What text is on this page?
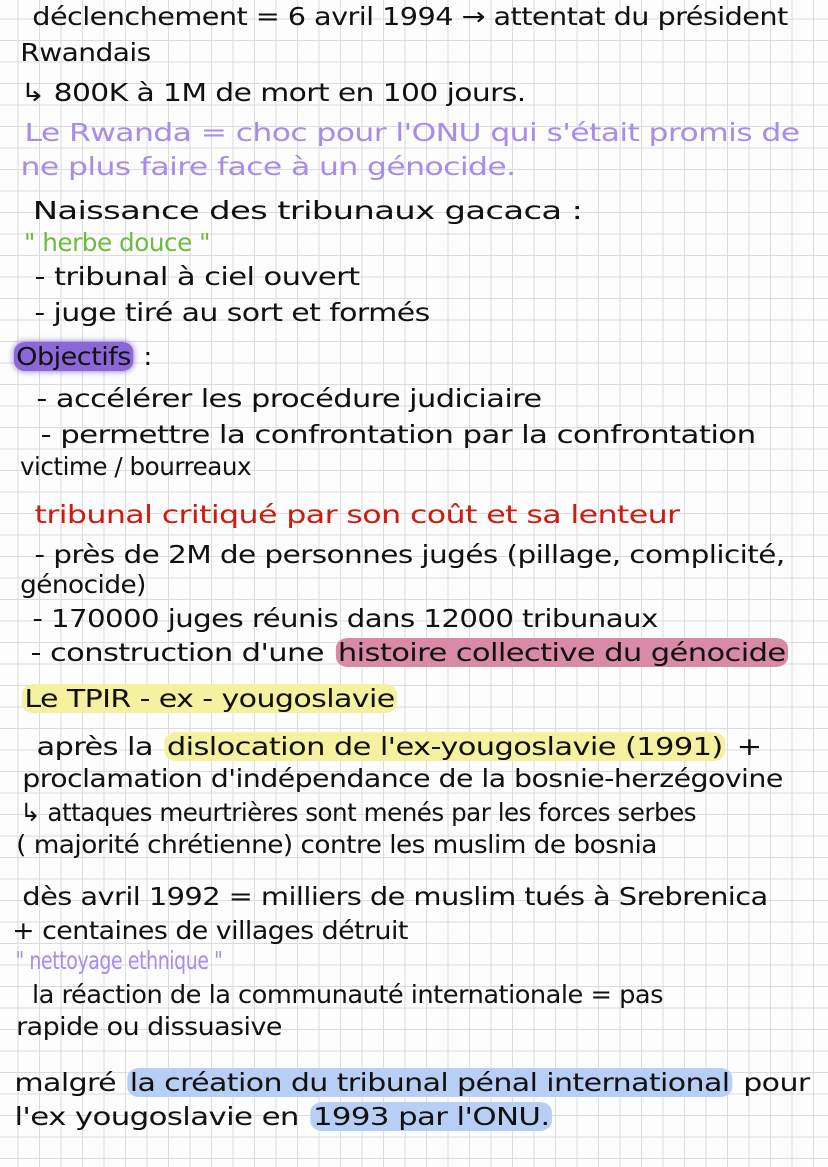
déclenchement = 6 avril 1994 → attentat du président
Rwandais
↳ 800K à 1M de mort en 100 jours.
Le Rwanda = choc pour l'ONU qui s'était promis de
ne plus faire face à un génocide.
Naissance des tribunaux gacaca :
" herbe douce "
- tribunal à ciel ouvert
- juge tiré au sort et formés
Objectifs :
- accélérer les procédure judiciaire
- permettre la confrontation par la confrontation
victime / bourreaux
tribunal critiqué par son coût et sa lenteur
- près de 2M de personnes jugés (pillage, complicité,
génocide)
- 170000 juges réunis dans 12000 tribunaux
- construction d'une histoire collective du génocide
Le TPIR - ex - yougoslavie
après la dislocation de l'ex-yougoslavie (1991) +
proclamation d'indépendance de la bosnie-herzégovine
↳ attaques meurtrières sont menés par les forces serbes
( majorité chrétienne) contre les muslim de bosnia
dès avril 1992 = milliers de muslim tués à Srebrenica
+ centaines de villages détruit
" nettoyage ethnique "
la réaction de la communauté internationale = pas
rapide ou dissuasive
malgré la création du tribunal pénal international pour
l'ex yougoslavie en 1993 par l'ONU.
